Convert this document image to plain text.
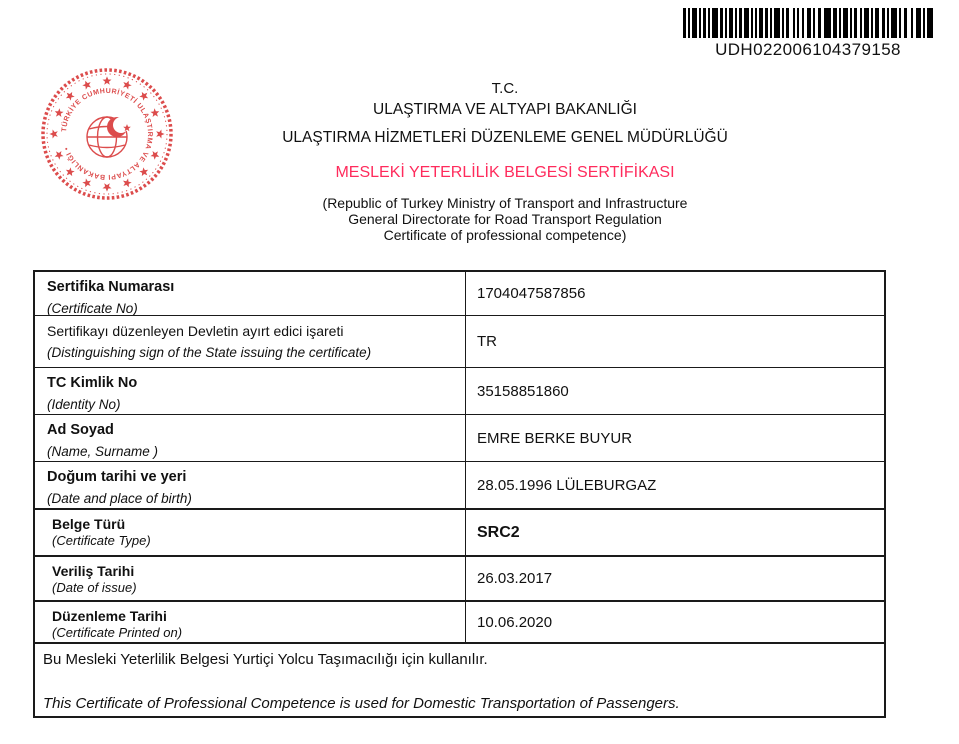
UDH022006104379158
TÜRKİYE CUMHURİYETİ ULAŞTIRMA VE ALTYAPI BAKANLIĞI •
T.C.
ULAŞTIRMA VE ALTYAPI BAKANLIĞI
ULAŞTIRMA HİZMETLERİ DÜZENLEME GENEL MÜDÜRLÜĞÜ
MESLEKİ YETERLİLİK BELGESİ SERTİFİKASI
(Republic of Turkey Ministry of Transport and Infrastructure
General Directorate for Road Transport Regulation
Certificate of professional competence)
Sertifika Numarası
(Certificate No)
1704047587856
Sertifikayı düzenleyen Devletin ayırt edici işareti
(Distinguishing sign of the State issuing the certificate)
TR
TC Kimlik No
(Identity No)
35158851860
Ad Soyad
(Name, Surname )
EMRE BERKE BUYUR
Doğum tarihi ve yeri
(Date and place of birth)
28.05.1996 LÜLEBURGAZ
Belge Türü
(Certificate Type)	SRC2
Veriliş Tarihi
(Date of issue)
26.03.2017
Düzenleme Tarihi
(Certificate Printed on)
10.06.2020
Bu Mesleki Yeterlilik Belgesi Yurtiçi Yolcu Taşımacılığı için kullanılır.
This Certificate of Professional Competence is used for Domestic Transportation of Passengers.
